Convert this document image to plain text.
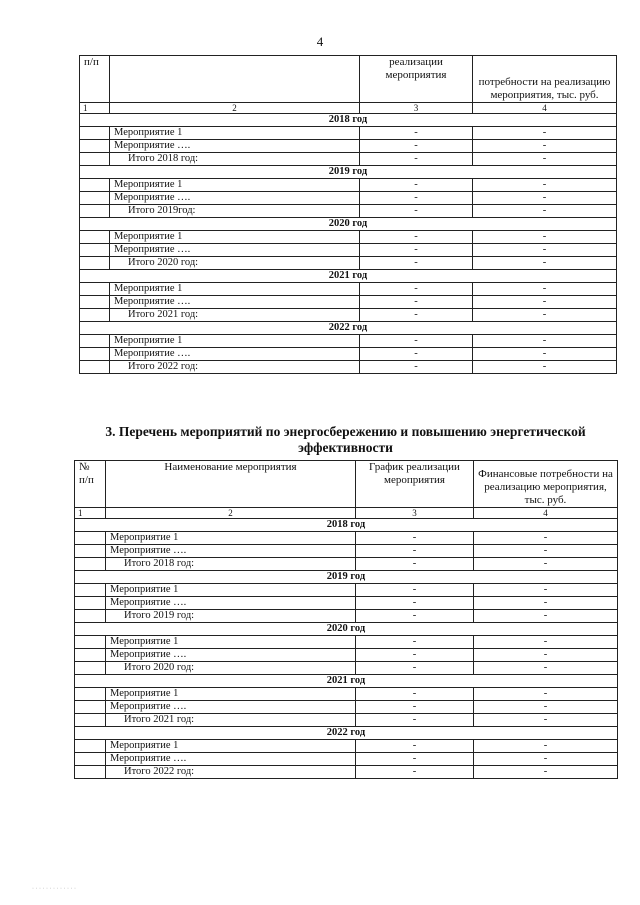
4
п/п		реализации мероприятия	потребности на реализацию мероприятия, тыс. руб.
1	2	3	4
2018 год			
	Мероприятие 1	-	-
	Мероприятие ….	-	-
	Итого 2018 год:	-	-
2019 год			
	Мероприятие 1	-	-
	Мероприятие ….	-	-
	Итого 2019год:	-	-
2020 год			
	Мероприятие 1	-	-
	Мероприятие ….	-	-
	Итого 2020 год:	-	-
2021 год			
	Мероприятие 1	-	-
	Мероприятие ….	-	-
	Итого 2021 год:	-	-
2022 год			
	Мероприятие 1	-	-
	Мероприятие ….	-	-
	Итого 2022 год:	-	-
3. Перечень мероприятий по энергосбережению и повышению энергетической эффективности
№ п/п	Наименование мероприятия	График реализации мероприятия	Финансовые потребности на реализацию мероприятия, тыс. руб.
1	2	3	4
2018 год			
	Мероприятие 1	-	-
	Мероприятие ….	-	-
	Итого 2018 год:	-	-
2019 год			
	Мероприятие 1	-	-
	Мероприятие ….	-	-
	Итого 2019 год:	-	-
2020 год			
	Мероприятие 1	-	-
	Мероприятие ….	-	-
	Итого 2020 год:	-	-
2021 год			
	Мероприятие 1	-	-
	Мероприятие ….	-	-
	Итого 2021 год:	-	-
2022 год			
	Мероприятие 1	-	-
	Мероприятие ….	-	-
	Итого 2022 год:	-	-
· · · · · · · · · · · · ·
